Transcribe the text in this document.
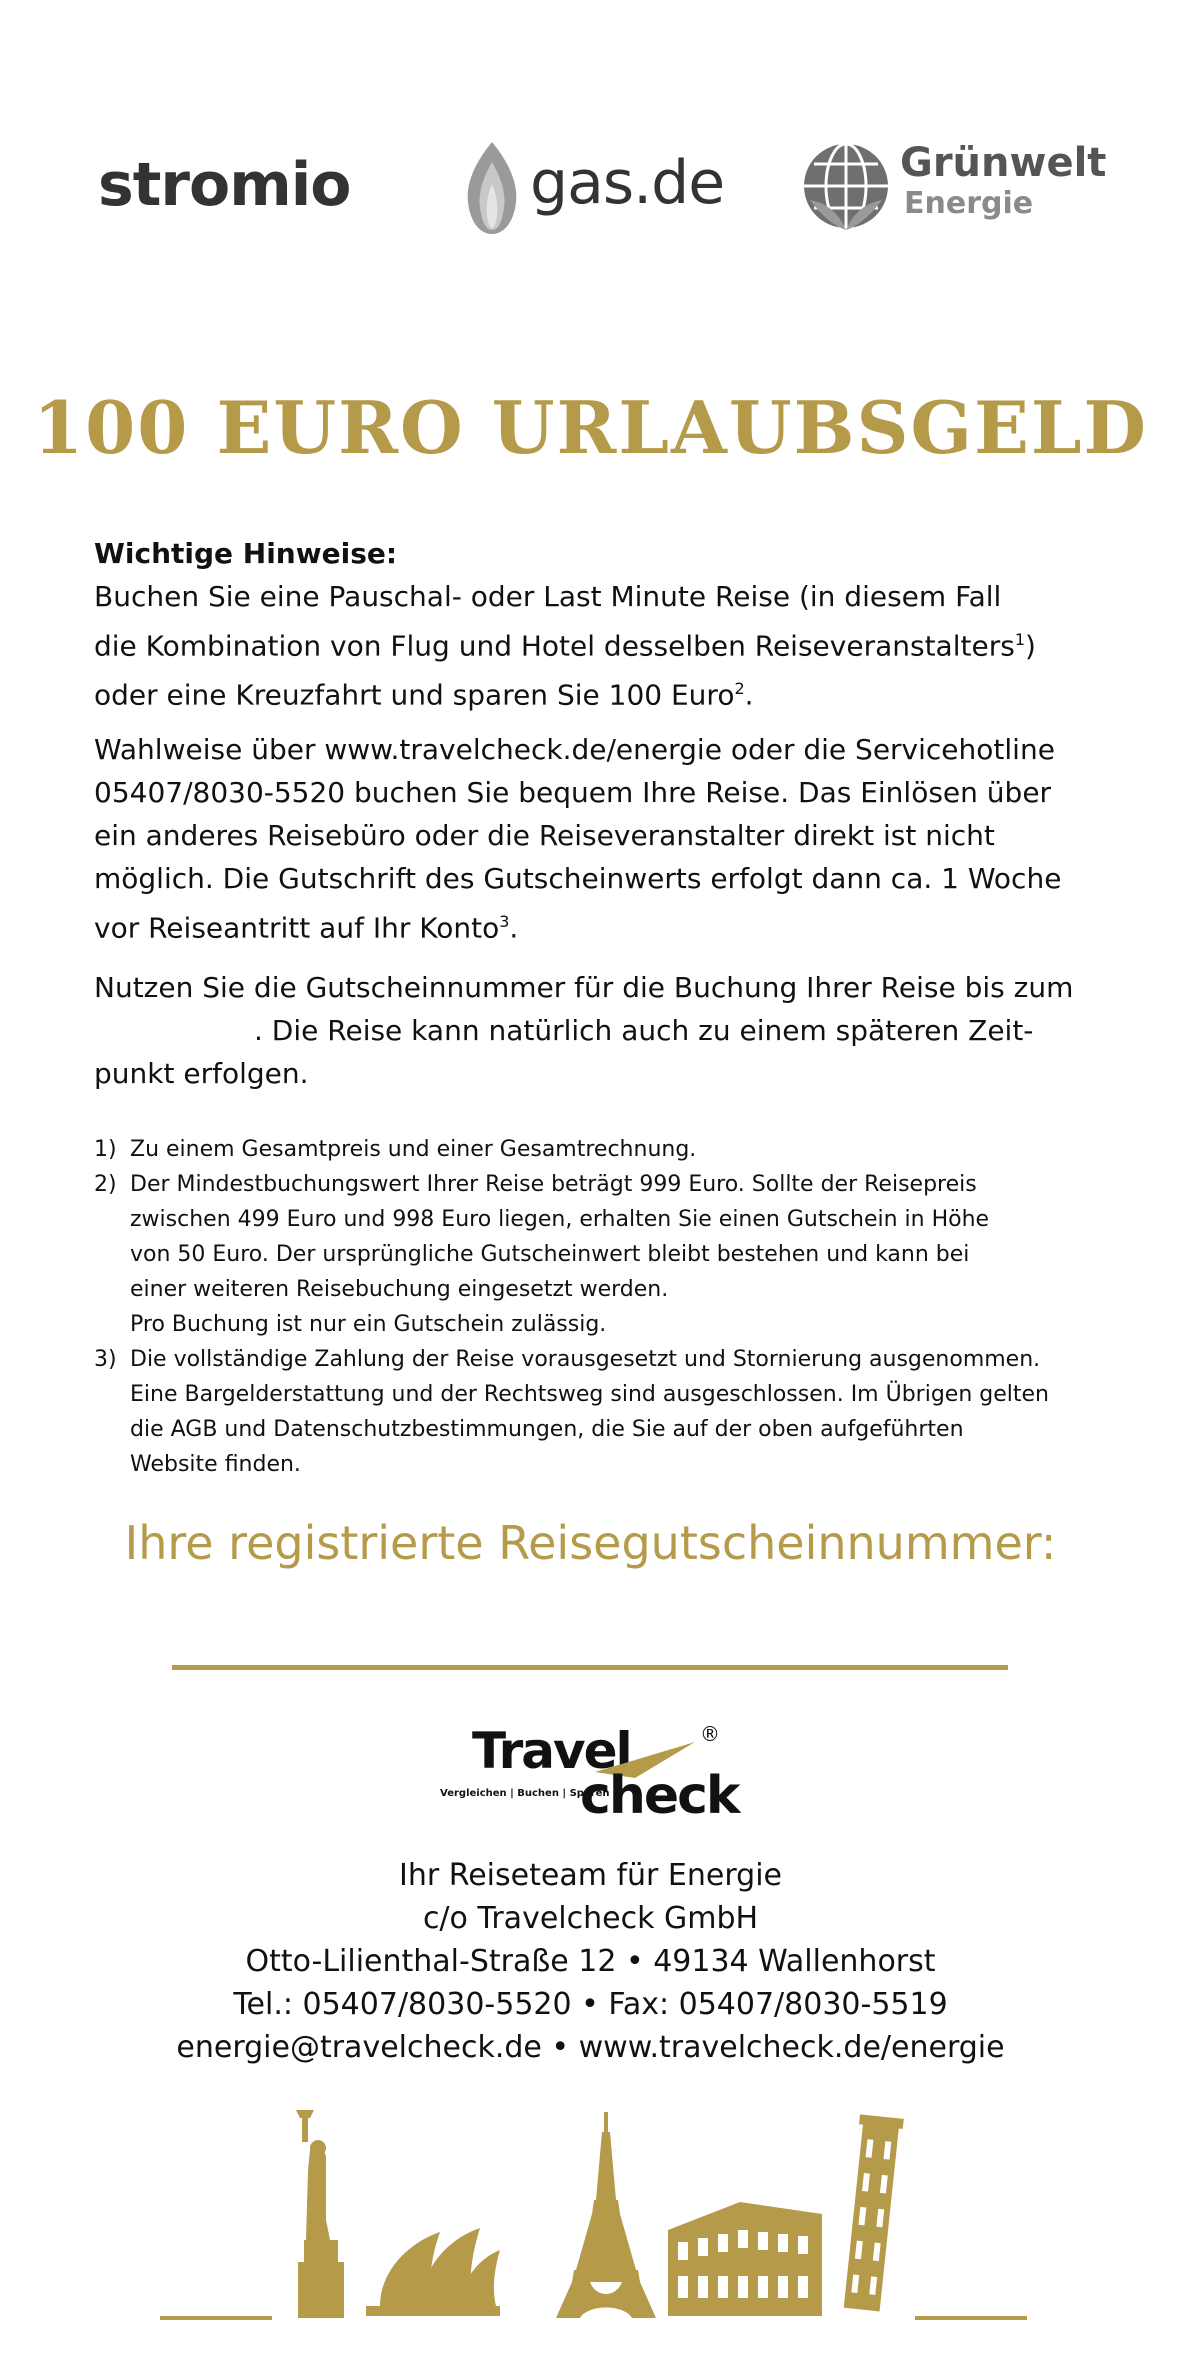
stromio	gas.de	Grünwelt
Energie
100 EURO URLAUBSGELD
Wichtige Hinweise:
Buchen Sie eine Pauschal- oder Last Minute Reise (in diesem Fall
die Kombination von Flug und Hotel desselben Reiseveranstalters$^1$)
oder eine Kreuzfahrt und sparen Sie 100 Euro$^2$.
Wahlweise über www.travelcheck.de/energie oder die Servicehotline
05407/8030-5520 buchen Sie bequem Ihre Reise. Das Einlösen über
ein anderes Reisebüro oder die Reiseveranstalter direkt ist nicht
möglich. Die Gutschrift des Gutscheinwerts erfolgt dann ca. 1 Woche
vor Reiseantritt auf Ihr Konto$^3$.
Nutzen Sie die Gutscheinnummer für die Buchung Ihrer Reise bis zum
. Die Reise kann natürlich auch zu einem späteren Zeit-
punkt erfolgen.
1) Zu einem Gesamtpreis und einer Gesamtrechnung.
2) Der Mindestbuchungswert Ihrer Reise beträgt 999 Euro. Sollte der Reisepreis
zwischen 499 Euro und 998 Euro liegen, erhalten Sie einen Gutschein in Höhe
von 50 Euro. Der ursprüngliche Gutscheinwert bleibt bestehen und kann bei
einer weiteren Reisebuchung eingesetzt werden.
Pro Buchung ist nur ein Gutschein zulässig.
3) Die vollständige Zahlung der Reise vorausgesetzt und Stornierung ausgenommen.
Eine Bargelderstattung und der Rechtsweg sind ausgeschlossen. Im Übrigen gelten
die AGB und Datenschutzbestimmungen, die Sie auf der oben aufgeführten
Website finden.
Ihre registrierte Reisegutscheinnummer:
Travel	®
Vergleichen | Buchen | Sparen
check
Ihr Reiseteam für Energie
c/o Travelcheck GmbH
Otto-Lilienthal-Straße 12 • 49134 Wallenhorst
Tel.: 05407/8030-5520 • Fax: 05407/8030-5519
energie@travelcheck.de • www.travelcheck.de/energie
